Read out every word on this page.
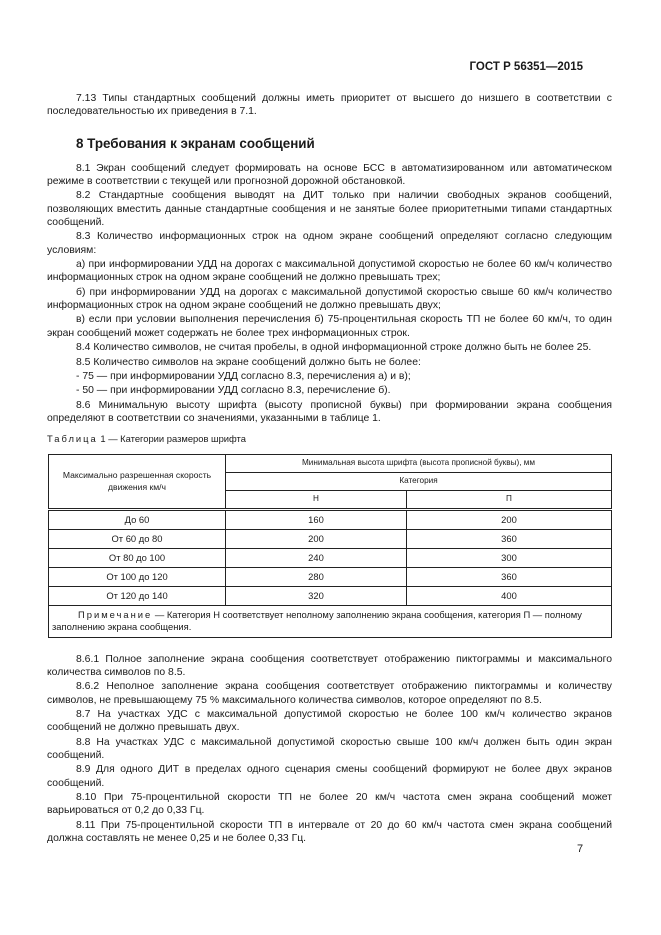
ГОСТ Р 56351—2015

7.13 Типы стандартных сообщений должны иметь приоритет от высшего до низшего в соответствии с последовательностью их приведения в 7.1.

8 Требования к экранам сообщений

8.1 Экран сообщений следует формировать на основе БСС в автоматизированном или автоматическом режиме в соответствии с текущей или прогнозной дорожной обстановкой.

8.2 Стандартные сообщения выводят на ДИТ только при наличии свободных экранов сообщений, позволяющих вместить данные стандартные сообщения и не занятые более приоритетными типами стандартных сообщений.

8.3 Количество информационных строк на одном экране сообщений определяют согласно следующим условиям:

а) при информировании УДД на дорогах с максимальной допустимой скоростью не более 60 км/ч количество информационных строк на одном экране сообщений не должно превышать трех;

б) при информировании УДД на дорогах с максимальной допустимой скоростью свыше 60 км/ч количество информационных строк на одном экране сообщений не должно превышать двух;

в) если при условии выполнения перечисления б) 75-процентильная скорость ТП не более 60 км/ч, то один экран сообщений может содержать не более трех информационных строк.

8.4 Количество символов, не считая пробелы, в одной информационной строке должно быть не более 25.

8.5 Количество символов на экране сообщений должно быть не более:

- 75 — при информировании УДД согласно 8.3, перечисления а) и в);

- 50 — при информировании УДД согласно 8.3, перечисление б).

8.6 Минимальную высоту шрифта (высоту прописной буквы) при формировании экрана сообщения определяют в соответствии со значениями, указанными в таблице 1.

Таблица 1 — Категории размеров шрифта
Максимально разрешенная скорость движения км/ч	Минимальная высота шрифта (высота прописной буквы), мм	
	Категория	
	Н	П
До 60	160	200
От 60 до 80	200	360
От 80 до 100	240	300
От 100 до 120	280	360
От 120 до 140	320	400
Примечание — Категория Н соответствует неполному заполнению экрана сообщения, категория П — полному заполнению экрана сообщения.		

8.6.1 Полное заполнение экрана сообщения соответствует отображению пиктограммы и максимального количества символов по 8.5.

8.6.2 Неполное заполнение экрана сообщения соответствует отображению пиктограммы и количеству символов, не превышающему 75 % максимального количества символов, которое определяют по 8.5.

8.7 На участках УДС с максимальной допустимой скоростью не более 100 км/ч количество экранов сообщений не должно превышать двух.

8.8 На участках УДС с максимальной допустимой скоростью свыше 100 км/ч должен быть один экран сообщений.

8.9 Для одного ДИТ в пределах одного сценария смены сообщений формируют не более двух экранов сообщений.

8.10 При 75-процентильной скорости ТП не более 20 км/ч частота смен экрана сообщений может варьироваться от 0,2 до 0,33 Гц.

8.11 При 75-процентильной скорости ТП в интервале от 20 до 60 км/ч частота смен экрана сообщений должна составлять не менее 0,25 и не более 0,33 Гц.

7
